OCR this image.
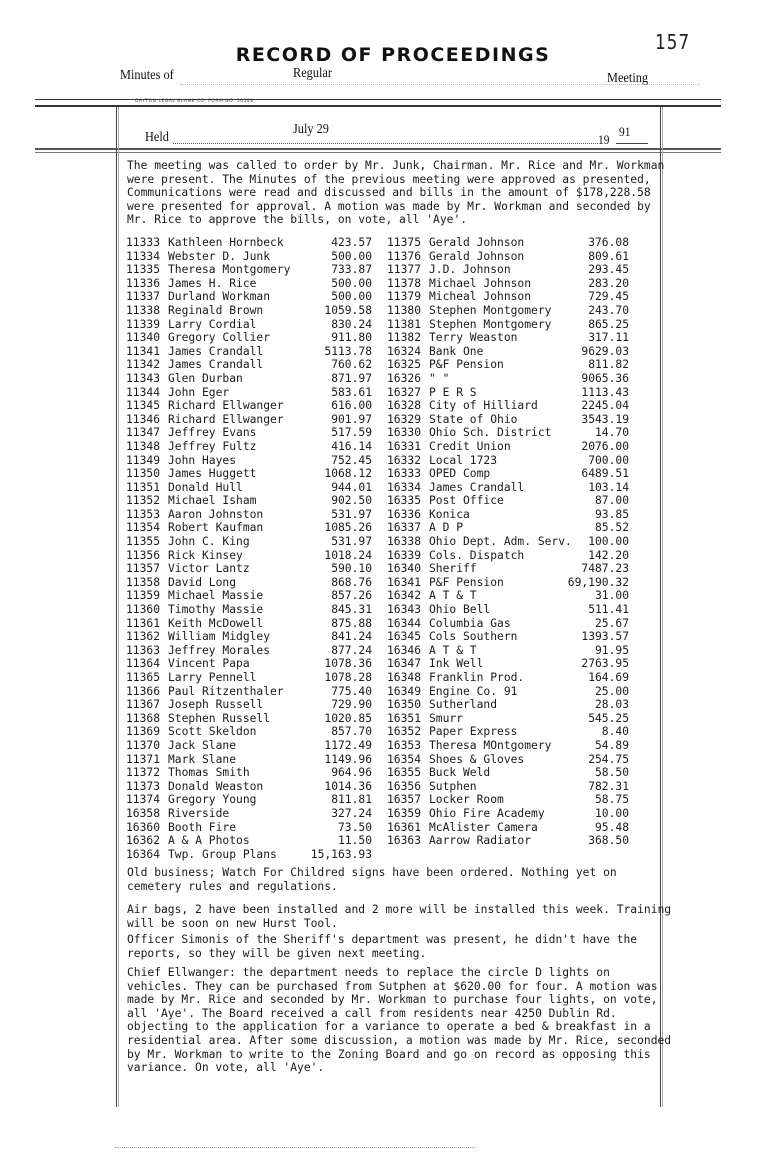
157
RECORD OF PROCEEDINGS
Minutes of	Regular	Meeting
DAYTON LEGAL BLANK CO. FORM NO. 10148
Held
July 29
19
91
The meeting was called to order by Mr. Junk, Chairman. Mr. Rice and Mr. Workman were present. The Minutes of the previous meeting were approved as presented, Communications were read and discussed and bills in the amount of $178,228.58 were presented for approval. A motion was made by Mr. Workman and seconded by Mr. Rice to approve the bills, on vote, all 'Aye'.
11333 Kathleen Hornbeck	423.57
11334 Webster D. Junk	500.00
11335 Theresa Montgomery	733.87
11336 James H. Rice	500.00
11337 Durland Workman	500.00
11338 Reginald Brown	1059.58
11339 Larry Cordial	830.24
11340 Gregory Collier	911.80
11341 James Crandall	5113.78
11342 James Crandall	760.62
11343 Glen Durban	871.97
11344 John Eger	583.61
11345 Richard Ellwanger	616.00
11346 Richard Ellwanger	901.97
11347 Jeffrey Evans	517.59
11348 Jeffrey Fultz	416.14
11349 John Hayes	752.45
11350 James Huggett	1068.12
11351 Donald Hull	944.01
11352 Michael Isham	902.50
11353 Aaron Johnston	531.97
11354 Robert Kaufman	1085.26
11355 John C. King	531.97
11356 Rick Kinsey	1018.24
11357 Victor Lantz	590.10
11358 David Long	868.76
11359 Michael Massie	857.26
11360 Timothy Massie	845.31
11361 Keith McDowell	875.88
11362 William Midgley	841.24
11363 Jeffrey Morales	877.24
11364 Vincent Papa	1078.36
11365 Larry Pennell	1078.28
11366 Paul Ritzenthaler	775.40
11367 Joseph Russell	729.90
11368 Stephen Russell	1020.85
11369 Scott Skeldon	857.70
11370 Jack Slane	1172.49
11371 Mark Slane	1149.96
11372 Thomas Smith	964.96
11373 Donald Weaston	1014.36
11374 Gregory Young	811.81
16358 Riverside	327.24
16360 Booth Fire	73.50
16362 A & A Photos	11.50
16364 Twp. Group Plans	15,163.93
11375 Gerald Johnson	376.08
11376 Gerald Johnson	809.61
11377 J.D. Johnson	293.45
11378 Michael Johnson	283.20
11379 Micheal Johnson	729.45
11380 Stephen Montgomery	243.70
11381 Stephen Montgomery	865.25
11382 Terry Weaston	317.11
16324 Bank One	9629.03
16325 P&F Pension	811.82
16326 " "	9065.36
16327 P E R S	1113.43
16328 City of Hilliard	2245.04
16329 State of Ohio	3543.19
16330 Ohio Sch. District	14.70
16331 Credit Union	2076.00
16332 Local 1723	700.00
16333 OPED Comp	6489.51
16334 James Crandall	103.14
16335 Post Office	87.00
16336 Konica	93.85
16337 A D P	85.52
16338 Ohio Dept. Adm. Serv.	100.00
16339 Cols. Dispatch	142.20
16340 Sheriff	7487.23
16341 P&F Pension	69,190.32
16342 A T & T	31.00
16343 Ohio Bell	511.41
16344 Columbia Gas	25.67
16345 Cols Southern	1393.57
16346 A T & T	91.95
16347 Ink Well	2763.95
16348 Franklin Prod.	164.69
16349 Engine Co. 91	25.00
16350 Sutherland	28.03
16351 Smurr	545.25
16352 Paper Express	8.40
16353 Theresa MOntgomery	54.89
16354 Shoes & Gloves	254.75
16355 Buck Weld	58.50
16356 Sutphen	782.31
16357 Locker Room	58.75
16359 Ohio Fire Academy	10.00
16361 McAlister Camera	95.48
16363 Aarrow Radiator	368.50
Old business; Watch For Childred signs have been ordered. Nothing yet on cemetery rules and regulations.
Air bags, 2 have been installed and 2 more will be installed this week. Training will be soon on new Hurst Tool.
Officer Simonis of the Sheriff's department was present, he didn't have the reports, so they will be given next meeting.
Chief Ellwanger: the department needs to replace the circle D lights on vehicles. They can be purchased from Sutphen at $620.00 for four. A motion was made by Mr. Rice and seconded by Mr. Workman to purchase four lights, on vote, all 'Aye'. The Board received a call from residents near 4250 Dublin Rd. objecting to the application for a variance to operate a bed & breakfast in a residential area. After some discussion, a motion was made by Mr. Rice, seconded by Mr. Workman to write to the Zoning Board and go on record as opposing this variance. On vote, all 'Aye'.
